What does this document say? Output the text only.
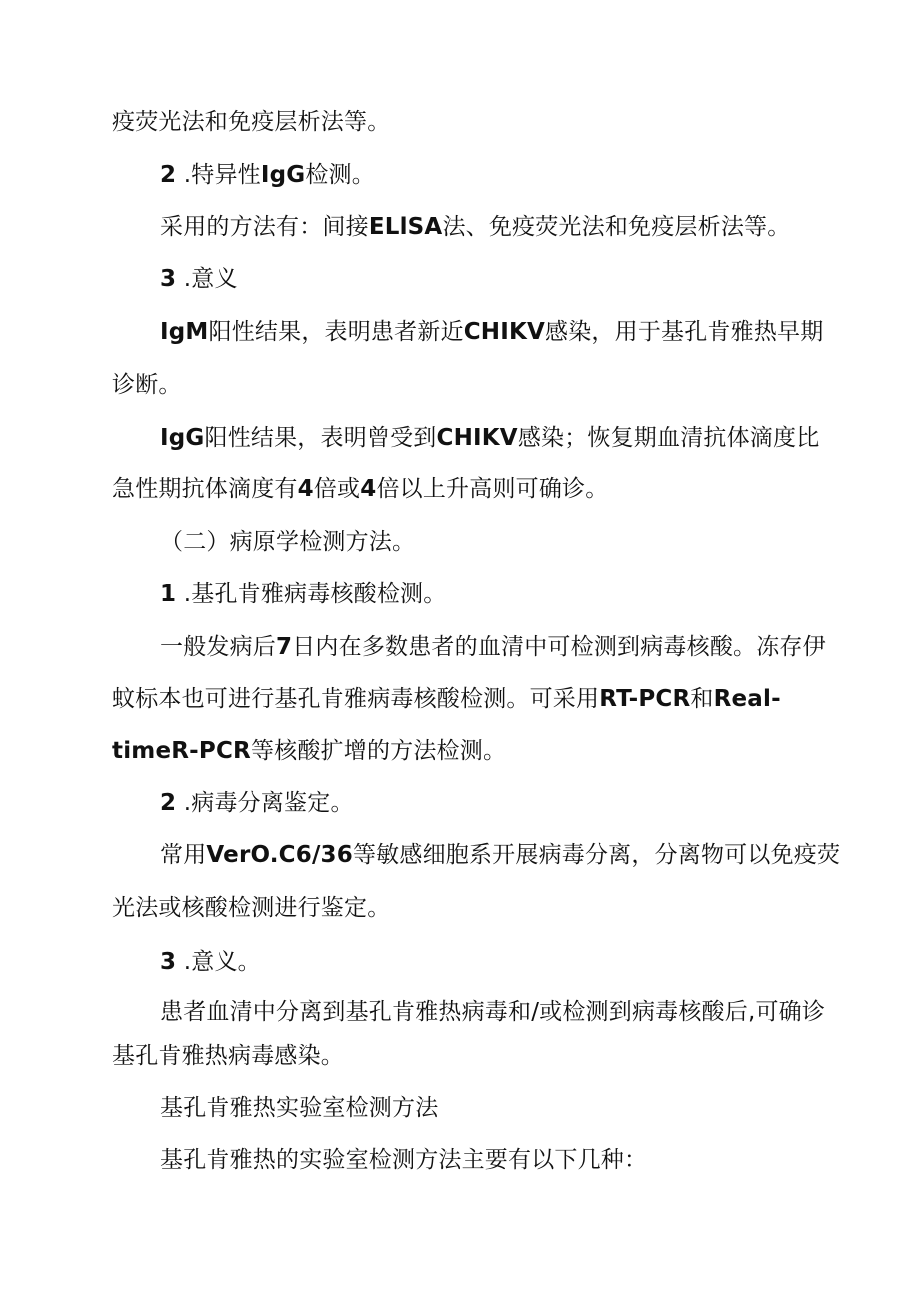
疫荧光法和免疫层析法等。
2 .特异性IgG检测。
采用的方法有：间接ELlSA法、免疫荧光法和免疫层析法等。
3 .意义
IgM阳性结果，表明患者新近CHIKV感染，用于基孔肯雅热早期
诊断。
IgG阳性结果，表明曾受到CHIKV感染；恢复期血清抗体滴度比
急性期抗体滴度有4倍或4倍以上升高则可确诊。
（二）病原学检测方法。
1 .基孔肯雅病毒核酸检测。
一般发病后7日内在多数患者的血清中可检测到病毒核酸。冻存伊
蚊标本也可进行基孔肯雅病毒核酸检测。可采用RT-PCR和Real-
timeR-PCR等核酸扩增的方法检测。
2 .病毒分离鉴定。
常用VerO.C6/36等敏感细胞系开展病毒分离，分离物可以免疫荧
光法或核酸检测进行鉴定。
3 .意义。
患者血清中分离到基孔肯雅热病毒和/或检测到病毒核酸后,可确诊
基孔肯雅热病毒感染。
基孔肯雅热实验室检测方法
基孔肯雅热的实验室检测方法主要有以下几种：
